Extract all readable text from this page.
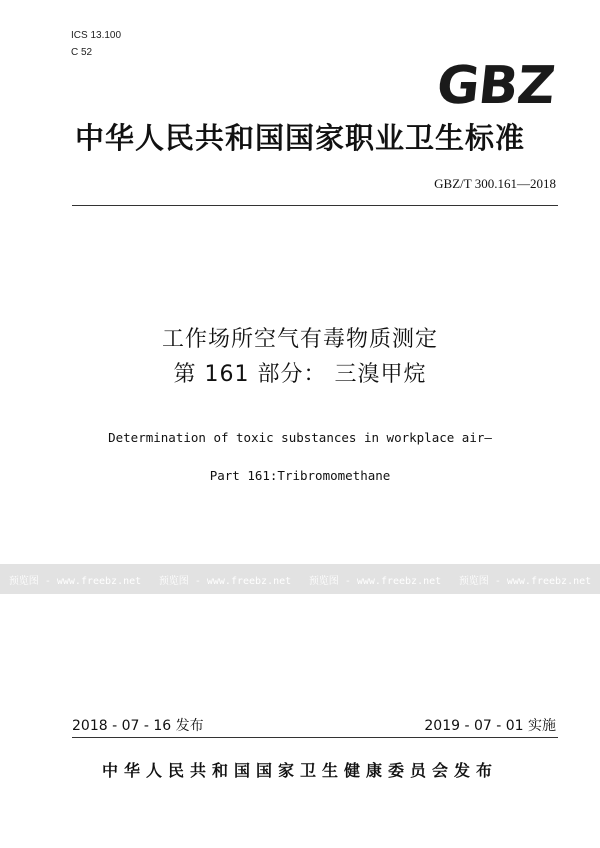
ICS 13.100
C 52
GBZ
中华人民共和国国家职业卫生标准
GBZ/T 300.161—2018
工作场所空气有毒物质测定
第 161 部分： 三溴甲烷
Determination of toxic substances in workplace air—
Part 161:Tribromomethane
预览图 - www.freebz.net	预览图 - www.freebz.net	预览图 - www.freebz.net	预览图 - www.freebz.net
2018 - 07 - 16 发布	2019 - 07 - 01 实施
中华人民共和国国家卫生健康委员会发布
